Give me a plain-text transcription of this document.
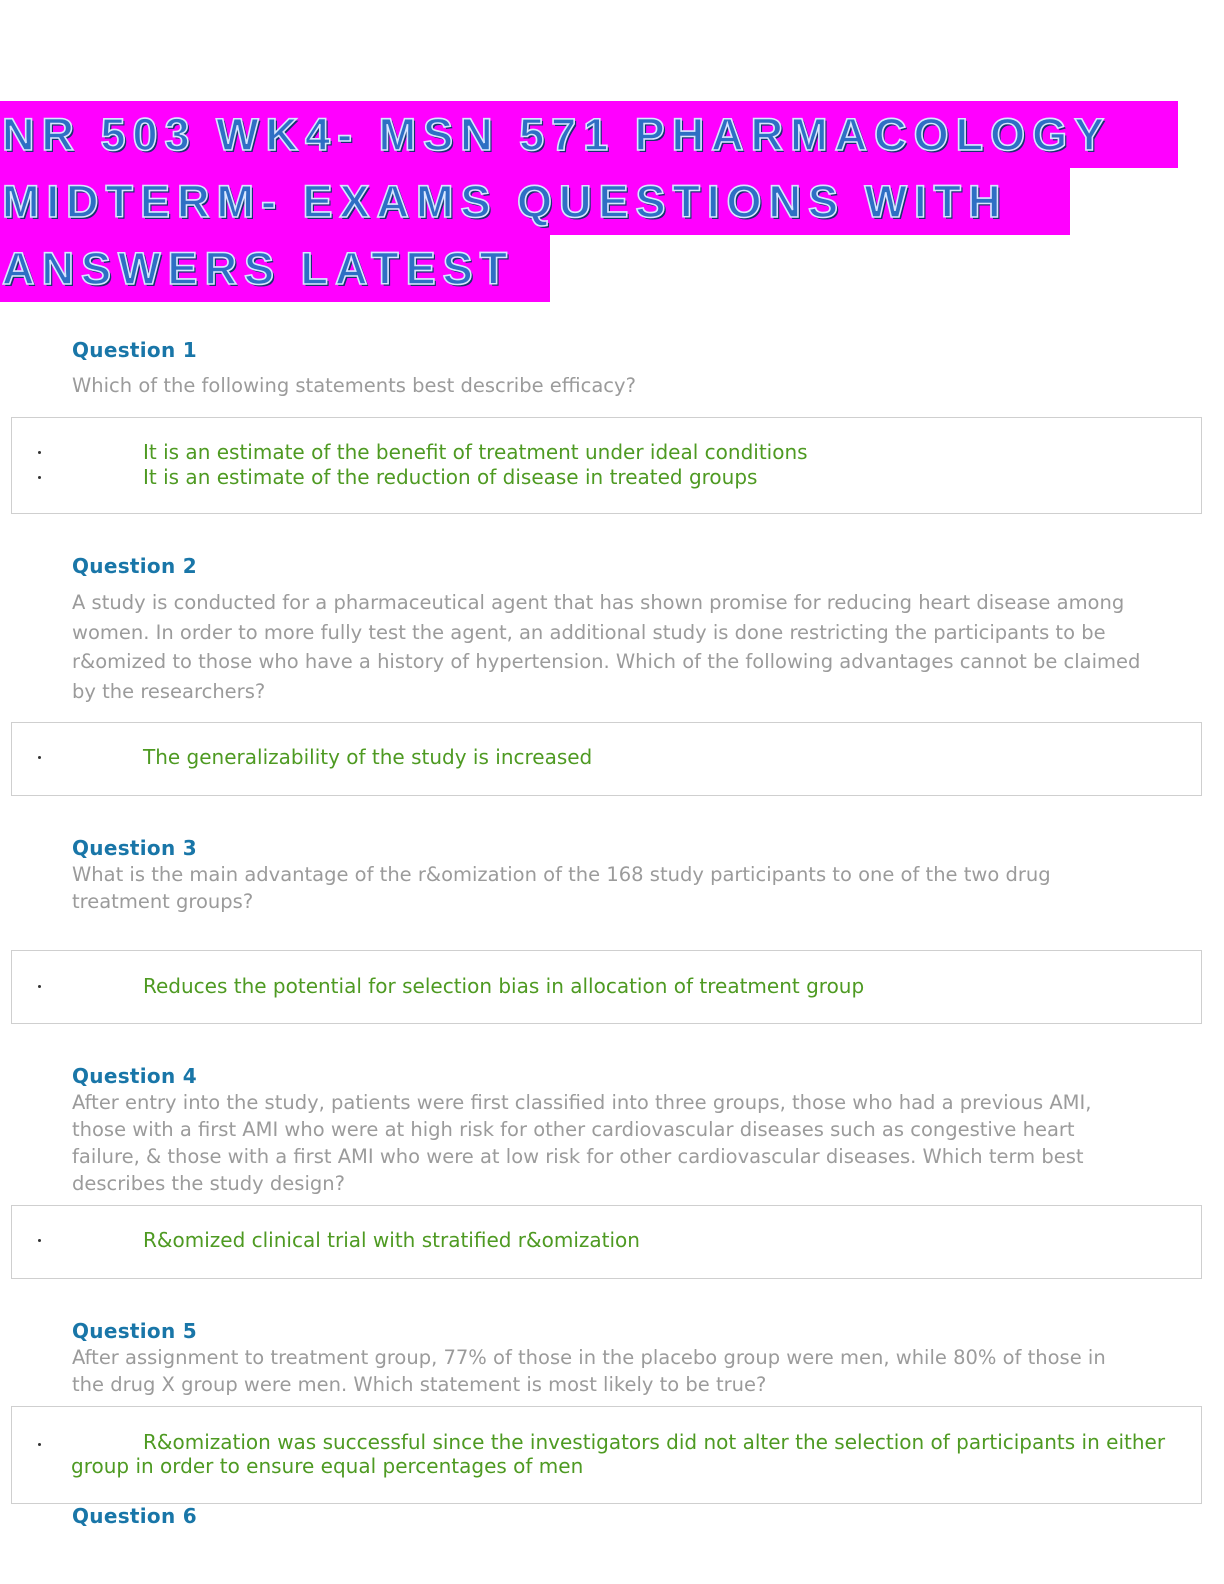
NR 503 WK4- MSN 571 PHARMACOLOGY
MIDTERM- EXAMS QUESTIONS WITH
ANSWERS LATEST
Question 1
Which of the following statements best describe efficacy?
It is an estimate of the benefit of treatment under ideal conditions
It is an estimate of the reduction of disease in treated groups
Question 2
A study is conducted for a pharmaceutical agent that has shown promise for reducing heart disease among women. In order to more fully test the agent, an additional study is done restricting the participants to be r&omized to those who have a history of hypertension. Which of the following advantages cannot be claimed by the researchers?
The generalizability of the study is increased
Question 3
What is the main advantage of the r&omization of the 168 study participants to one of the two drug treatment groups?
Reduces the potential for selection bias in allocation of treatment group
Question 4
After entry into the study, patients were first classified into three groups, those who had a previous AMI, those with a first AMI who were at high risk for other cardiovascular diseases such as congestive heart failure, & those with a first AMI who were at low risk for other cardiovascular diseases. Which term best describes the study design?
R&omized clinical trial with stratified r&omization
Question 5
After assignment to treatment group, 77% of those in the placebo group were men, while 80% of those in the drug X group were men. Which statement is most likely to be true?
R&omization was successful since the investigators did not alter the selection of participants in either group in order to ensure equal percentages of men
Question 6
